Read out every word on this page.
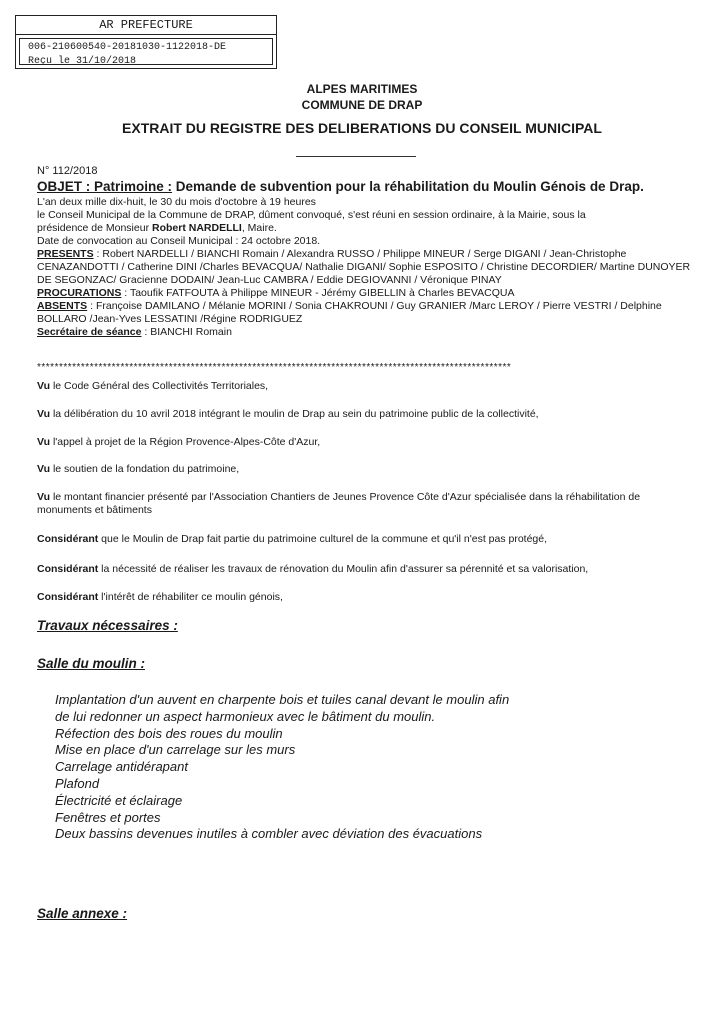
AR PREFECTURE
006-210600540-20181030-1122018-DE
Reçu le 31/10/2018
ALPES MARITIMES
COMMUNE DE DRAP
EXTRAIT DU REGISTRE DES DELIBERATIONS DU CONSEIL MUNICIPAL
N° 112/2018
OBJET : Patrimoine : Demande de subvention pour la réhabilitation du Moulin Génois de Drap.
L'an deux mille dix-huit, le 30 du mois d'octobre à 19 heures
le Conseil Municipal de la Commune de DRAP, dûment convoqué, s'est réuni en session ordinaire, à la Mairie, sous la
présidence de Monsieur Robert NARDELLI, Maire.
Date de convocation au Conseil Municipal : 24 octobre 2018.
PRESENTS : Robert NARDELLI / BIANCHI Romain / Alexandra RUSSO / Philippe MINEUR / Serge DIGANI / Jean-Christophe CENAZANDOTTI / Catherine DINI /Charles BEVACQUA/ Nathalie DIGANI/ Sophie ESPOSITO / Christine DECORDIER/ Martine DUNOYER DE SEGONZAC/ Gracienne DODAIN/ Jean-Luc CAMBRA / Eddie DEGIOVANNI / Véronique PINAY
PROCURATIONS : Taoufik FATFOUTA à Philippe MINEUR - Jérémy GIBELLIN à Charles BEVACQUA
ABSENTS : Françoise DAMILANO / Mélanie MORINI / Sonia CHAKROUNI / Guy GRANIER /Marc LEROY / Pierre VESTRI / Delphine BOLLARO /Jean-Yves LESSATINI /Régine RODRIGUEZ
Secrétaire de séance : BIANCHI Romain
************************************************************************************************************
Vu le Code Général des Collectivités Territoriales,
Vu la délibération du 10 avril 2018 intégrant le moulin de Drap au sein du patrimoine public de la collectivité,
Vu l'appel à projet de la Région Provence-Alpes-Côte d'Azur,
Vu le soutien de la fondation du patrimoine,
Vu le montant financier présenté par l'Association Chantiers de Jeunes Provence Côte d'Azur spécialisée dans la réhabilitation de monuments et bâtiments
Considérant que le Moulin de Drap fait partie du patrimoine culturel de la commune et qu'il n'est pas protégé,
Considérant la nécessité de réaliser les travaux de rénovation du Moulin afin d'assurer sa pérennité et sa valorisation,
Considérant l'intérêt de réhabiliter ce moulin génois,
Travaux nécessaires :
Salle du moulin :
Implantation d'un auvent en charpente bois et tuiles canal devant le moulin afin
de lui redonner un aspect harmonieux avec le bâtiment du moulin.
Réfection des bois des roues du moulin
Mise en place d'un carrelage sur les murs
Carrelage antidérapant
Plafond
Électricité et éclairage
Fenêtres et portes
Deux bassins devenues inutiles à combler avec déviation des évacuations
Salle annexe :
